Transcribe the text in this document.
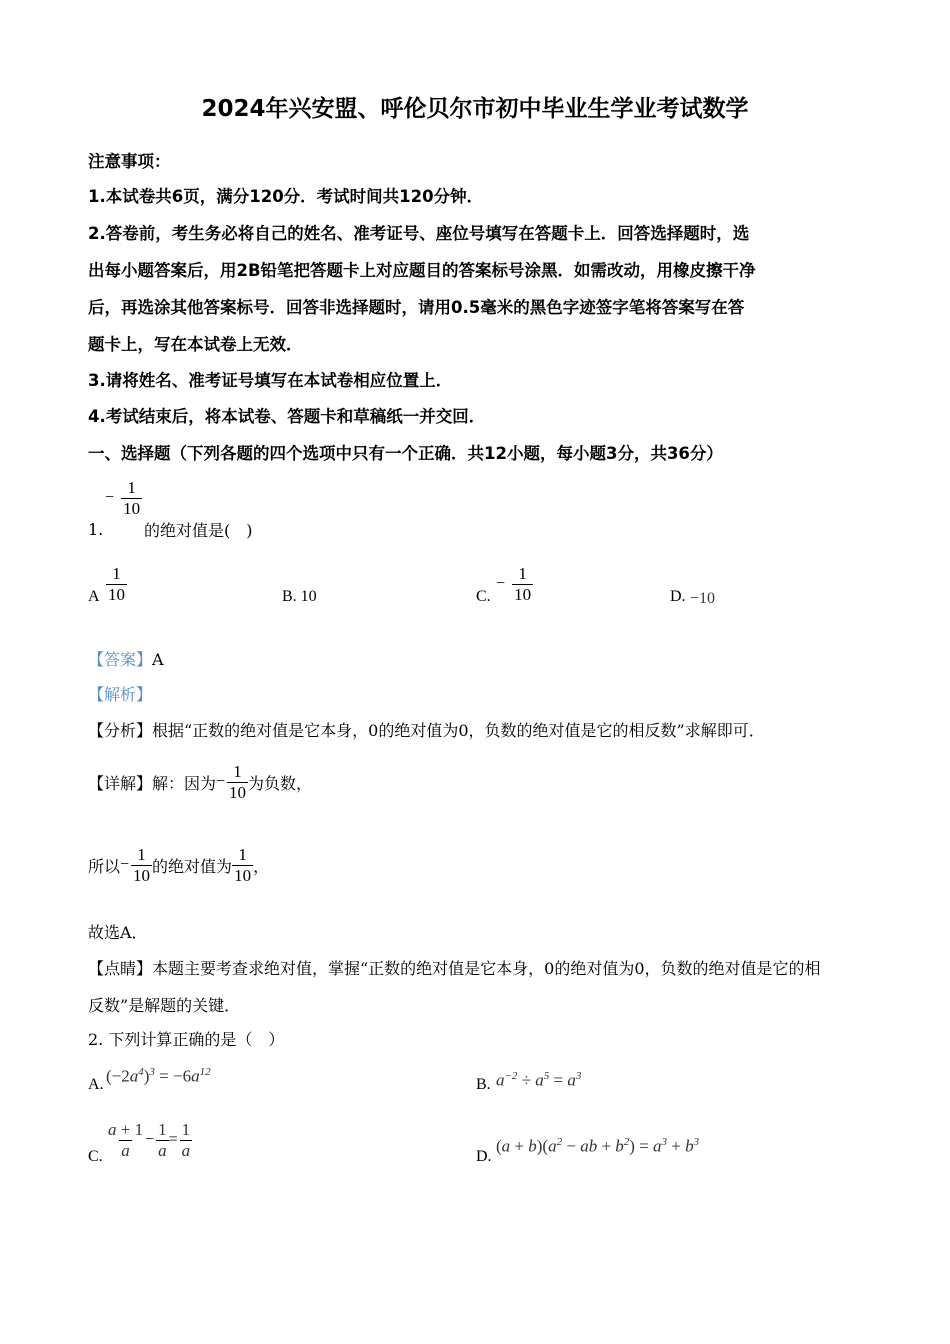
2024年兴安盟、呼伦贝尔市初中毕业生学业考试数学
注意事项：
1.本试卷共6页，满分120分．考试时间共120分钟．
2.答卷前，考生务必将自己的姓名、准考证号、座位号填写在答题卡上．回答选择题时，选
出每小题答案后，用2B铅笔把答题卡上对应题目的答案标号涂黑．如需改动，用橡皮擦干净
后，再选涂其他答案标号．回答非选择题时，请用0.5毫米的黑色字迹签字笔将答案写在答
题卡上，写在本试卷上无效．
3.请将姓名、准考证号填写在本试卷相应位置上．
4.考试结束后，将本试卷、答题卡和草稿纸一并交回．
一、选择题（下列各题的四个选项中只有一个正确．共12小题，每小题3分，共36分）
− $\frac{1}{10}$
1.	的绝对值是(　)
A $\frac{1}{10}$	B. 10	C.
− $\frac{1}{10}$	D. −10
【答案】A
【解析】
【分析】根据“正数的绝对值是它本身，0的绝对值为0，负数的绝对值是它的相反数”求解即可．
【详解】解：因为 − $\frac{1}{10}$ 为负数，
所以 − $\frac{1}{10}$ 的绝对值为 $\frac{1}{10}$ ，
故选A．
【点睛】本题主要考查求绝对值，掌握“正数的绝对值是它本身，0的绝对值为0，负数的绝对值是它的相
反数”是解题的关键．
2. 下列计算正确的是（　）
A. $(-2a^4)^3 = -6a^{12}$
B. $a^{-2} \div a^5 = a^3$
C. $\frac{a + 1}{a} - \frac{1}{a} = \frac{1}{a}$	D.
$(a + b)(a^2$ − ab + $b^2) = a^3 + b^3$
